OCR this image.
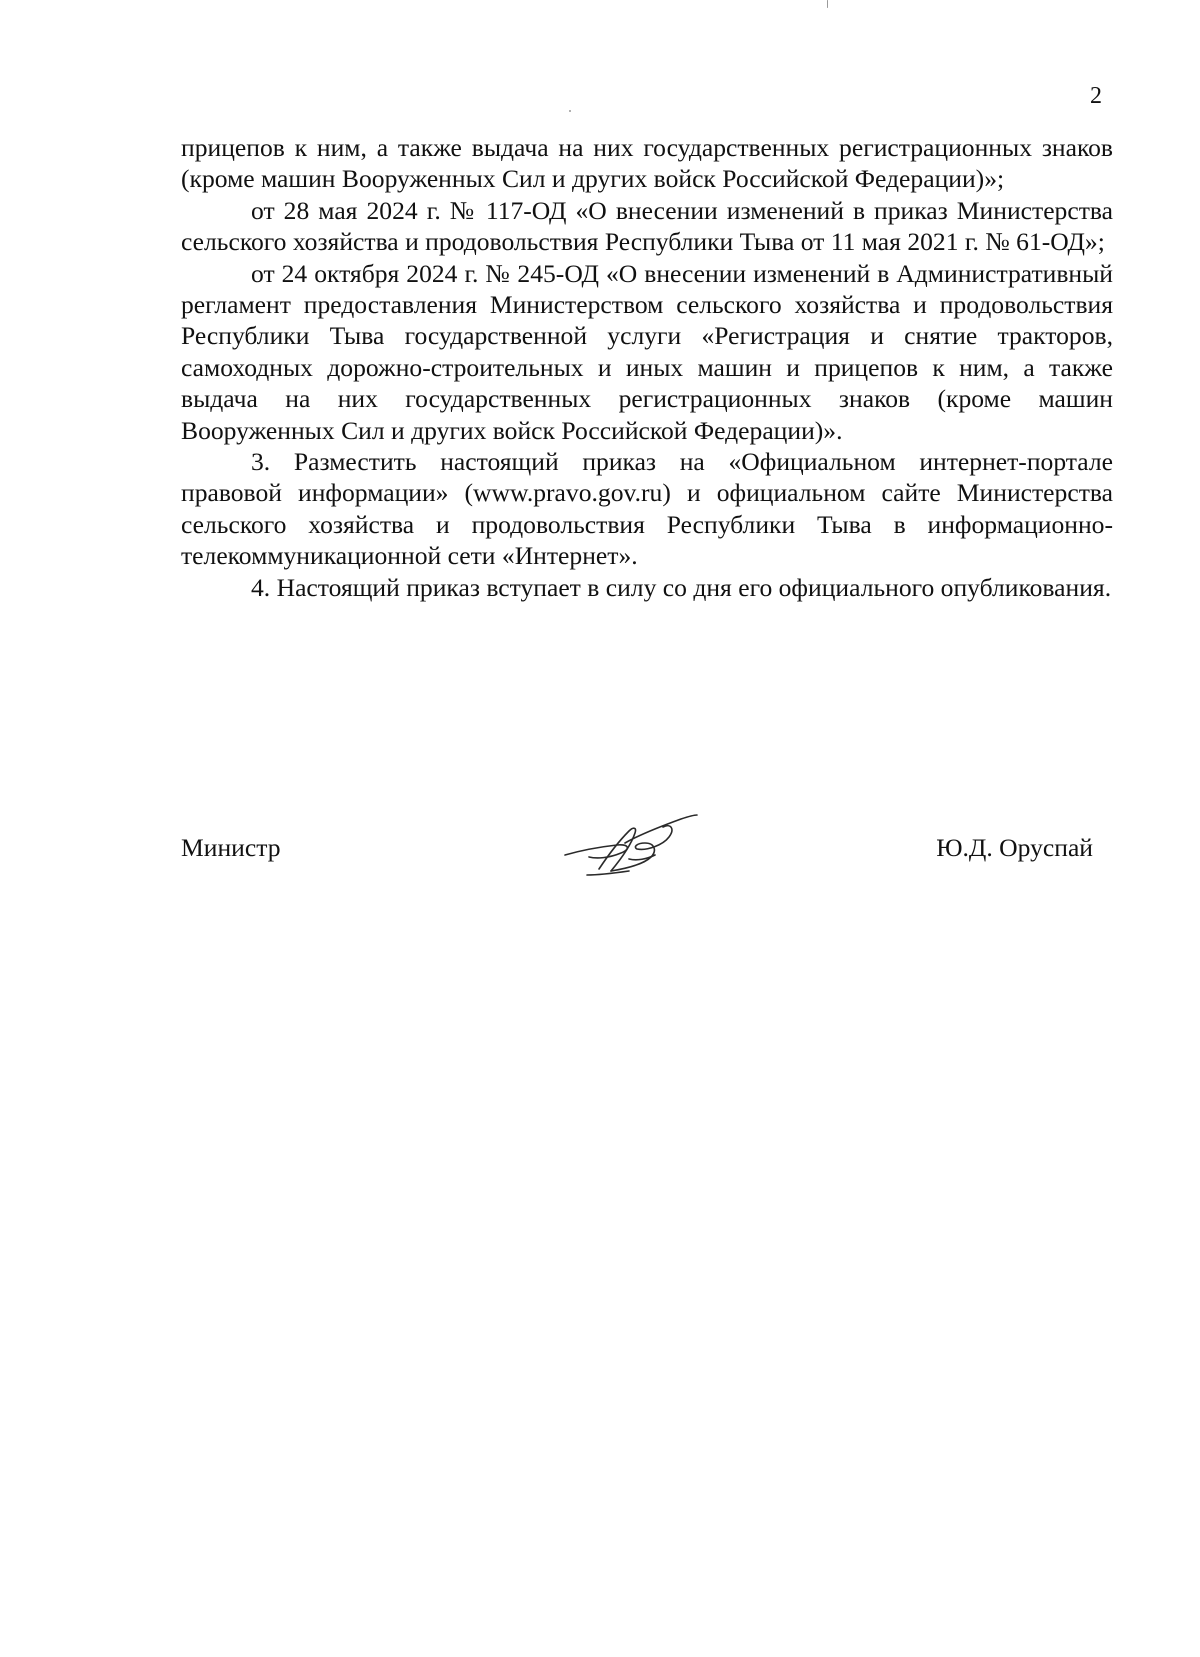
2

прицепов к ним, а также выдача на них государственных регистрационных знаков (кроме машин Вооруженных Сил и других войск Российской Федерации)»;

от 28 мая 2024 г. № 117-ОД «О внесении изменений в приказ Министерства сельского хозяйства и продовольствия Республики Тыва от 11 мая 2021 г. № 61-ОД»;

от 24 октября 2024 г. № 245-ОД «О внесении изменений в Административный регламент предоставления Министерством сельского хозяйства и продовольствия Республики Тыва государственной услуги «Регистрация и снятие тракторов, самоходных дорожно-строительных и иных машин и прицепов к ним, а также выдача на них государственных регистрационных знаков (кроме машин Вооруженных Сил и других войск Российской Федерации)».

3. Разместить настоящий приказ на «Официальном интернет-портале правовой информации» (www.pravo.gov.ru) и официальном сайте Министерства сельского хозяйства и продовольствия Республики Тыва в информационно-телекоммуникационной сети «Интернет».

4. Настоящий приказ вступает в силу со дня его официального опубликования.

Министр	Ю.Д. Оруспай
